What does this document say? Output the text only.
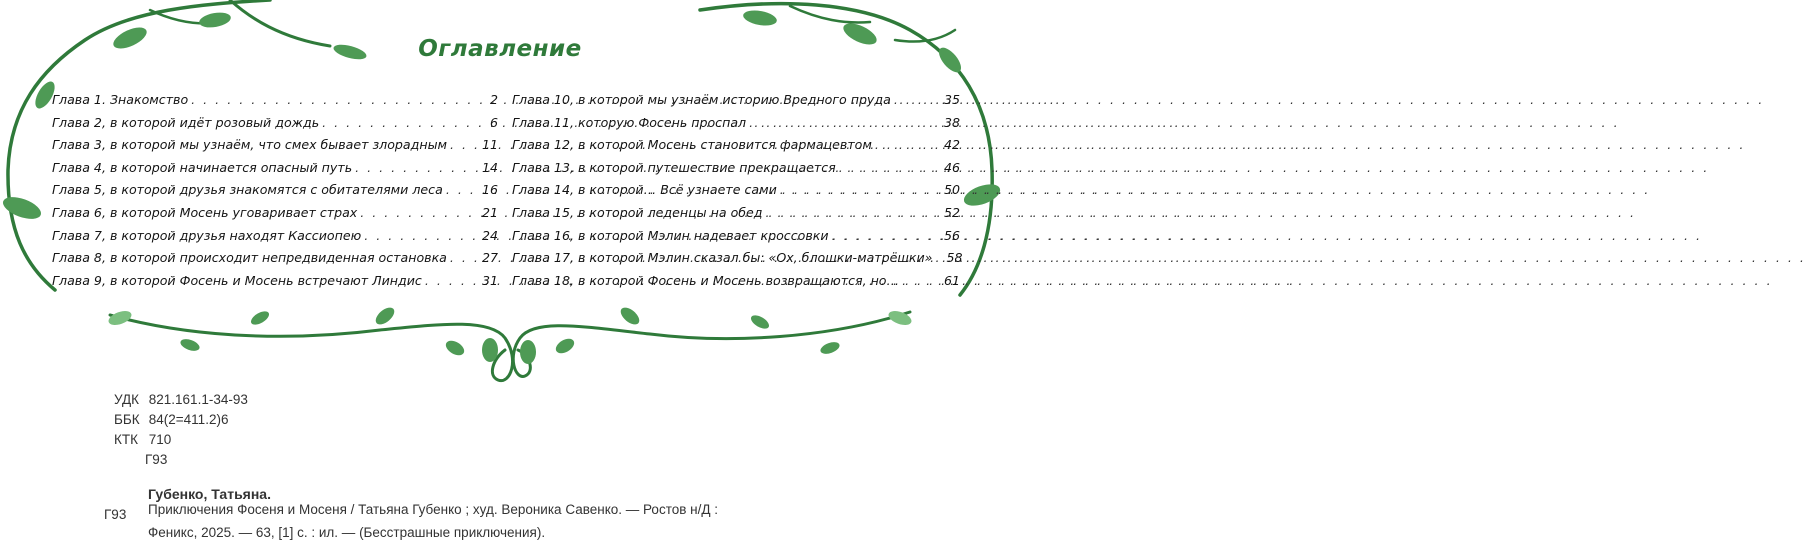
Оглавление
Глава 1. Знакомство . . .	2
Глава 2, в которой идёт розовый дождь . . .	6
Глава 3, в которой мы узнаём, что смех бывает злорадным . . .	11
Глава 4, в которой начинается опасный путь . . .	14
Глава 5, в которой друзья знакомятся с обитателями леса . . .	16
Глава 6, в которой Мосень уговаривает страх . . .	21
Глава 7, в которой друзья находят Кассиопею . . .	24
Глава 8, в которой происходит непредвиденная остановка . . .	27
Глава 9, в которой Фосень и Мосень встречают Линдис . . .	31
Глава 10, в которой мы узнаём историю Вредного пруда . . .	35
Глава 11, которую Фосень проспал . . .	38
Глава 12, в которой Мосень становится фармацевтом . . .	42
Глава 13, в которой путешествие прекращается . . .	46
Глава 14, в которой… Всё узнаете сами . . .	50
Глава 15, в которой леденцы на обед . . .	52
Глава 16, в которой Мэлин надевает кроссовки . . .	56
Глава 17, в которой Мэлин сказал бы: «Ох, блошки-матрёшки» . . . 58
Глава 18, в которой Фосень и Мосень возвращаются, но… . . .	61
УДК 821.161.1-34-93
ББК 84(2=411.2)6
КТК 710
Г93
Губенко, Татьяна.
Г93 Приключения Фосеня и Мосеня / Татьяна Губенко ; худ. Вероника Савенко. — Ростов н/Д :
Феникс, 2025. — 63, [1] с. : ил. — (Бесстрашные приключения).
